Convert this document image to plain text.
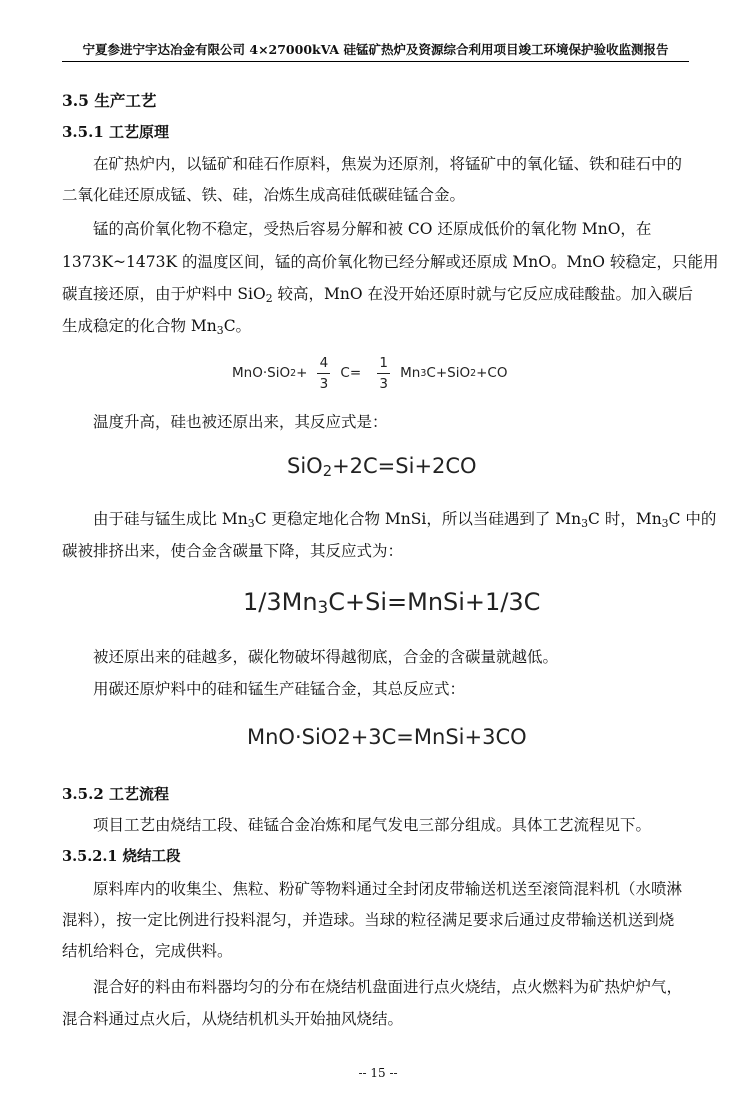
宁夏参进宁宇达冶金有限公司 4×27000kVA 硅锰矿热炉及资源综合利用项目竣工环境保护验收监测报告
3.5 生产工艺
3.5.1 工艺原理
在矿热炉内，以锰矿和硅石作原料，焦炭为还原剂，将锰矿中的氧化锰、铁和硅石中的
二氧化硅还原成锰、铁、硅，冶炼生成高硅低碳硅锰合金。
锰的高价氧化物不稳定，受热后容易分解和被 CO 还原成低价的氧化物 MnO，在
1373K~1473K 的温度区间，锰的高价氧化物已经分解或还原成 MnO。MnO 较稳定，只能用
碳直接还原，由于炉料中 SiO$_2$ 较高，MnO 在没开始还原时就与它反应成硅酸盐。加入碳后
生成稳定的化合物 $Mn_3C$。
MnO·SiO $2 + \frac{4}{3} C= \frac{1}{3}$ Mn 3 C+SiO 2 +CO
温度升高，硅也被还原出来，其反应式是：
SiO$_2$+2C=Si+2CO
由于硅与锰生成比 $Mn_3C$ 更稳定地化合物 MnSi，所以当硅遇到了 $Mn_3C$ 时，$Mn_3C$ 中的
碳被排挤出来，使合金含碳量下降，其反应式为：
1/3Mn3C+Si=MnSi+1/3C
被还原出来的硅越多，碳化物破坏得越彻底，合金的含碳量就越低。
用碳还原炉料中的硅和锰生产硅锰合金，其总反应式：
MnO·SiO2+3C=MnSi+3CO
3.5.2 工艺流程
项目工艺由烧结工段、硅锰合金冶炼和尾气发电三部分组成。具体工艺流程见下。
3.5.2.1 烧结工段
原料库内的收集尘、焦粒、粉矿等物料通过全封闭皮带输送机送至滚筒混料机（水喷淋
混料），按一定比例进行投料混匀，并造球。当球的粒径满足要求后通过皮带输送机送到烧
结机给料仓，完成供料。
混合好的料由布料器均匀的分布在烧结机盘面进行点火烧结，点火燃料为矿热炉炉气，
混合料通过点火后，从烧结机机头开始抽风烧结。
-- 15 --
